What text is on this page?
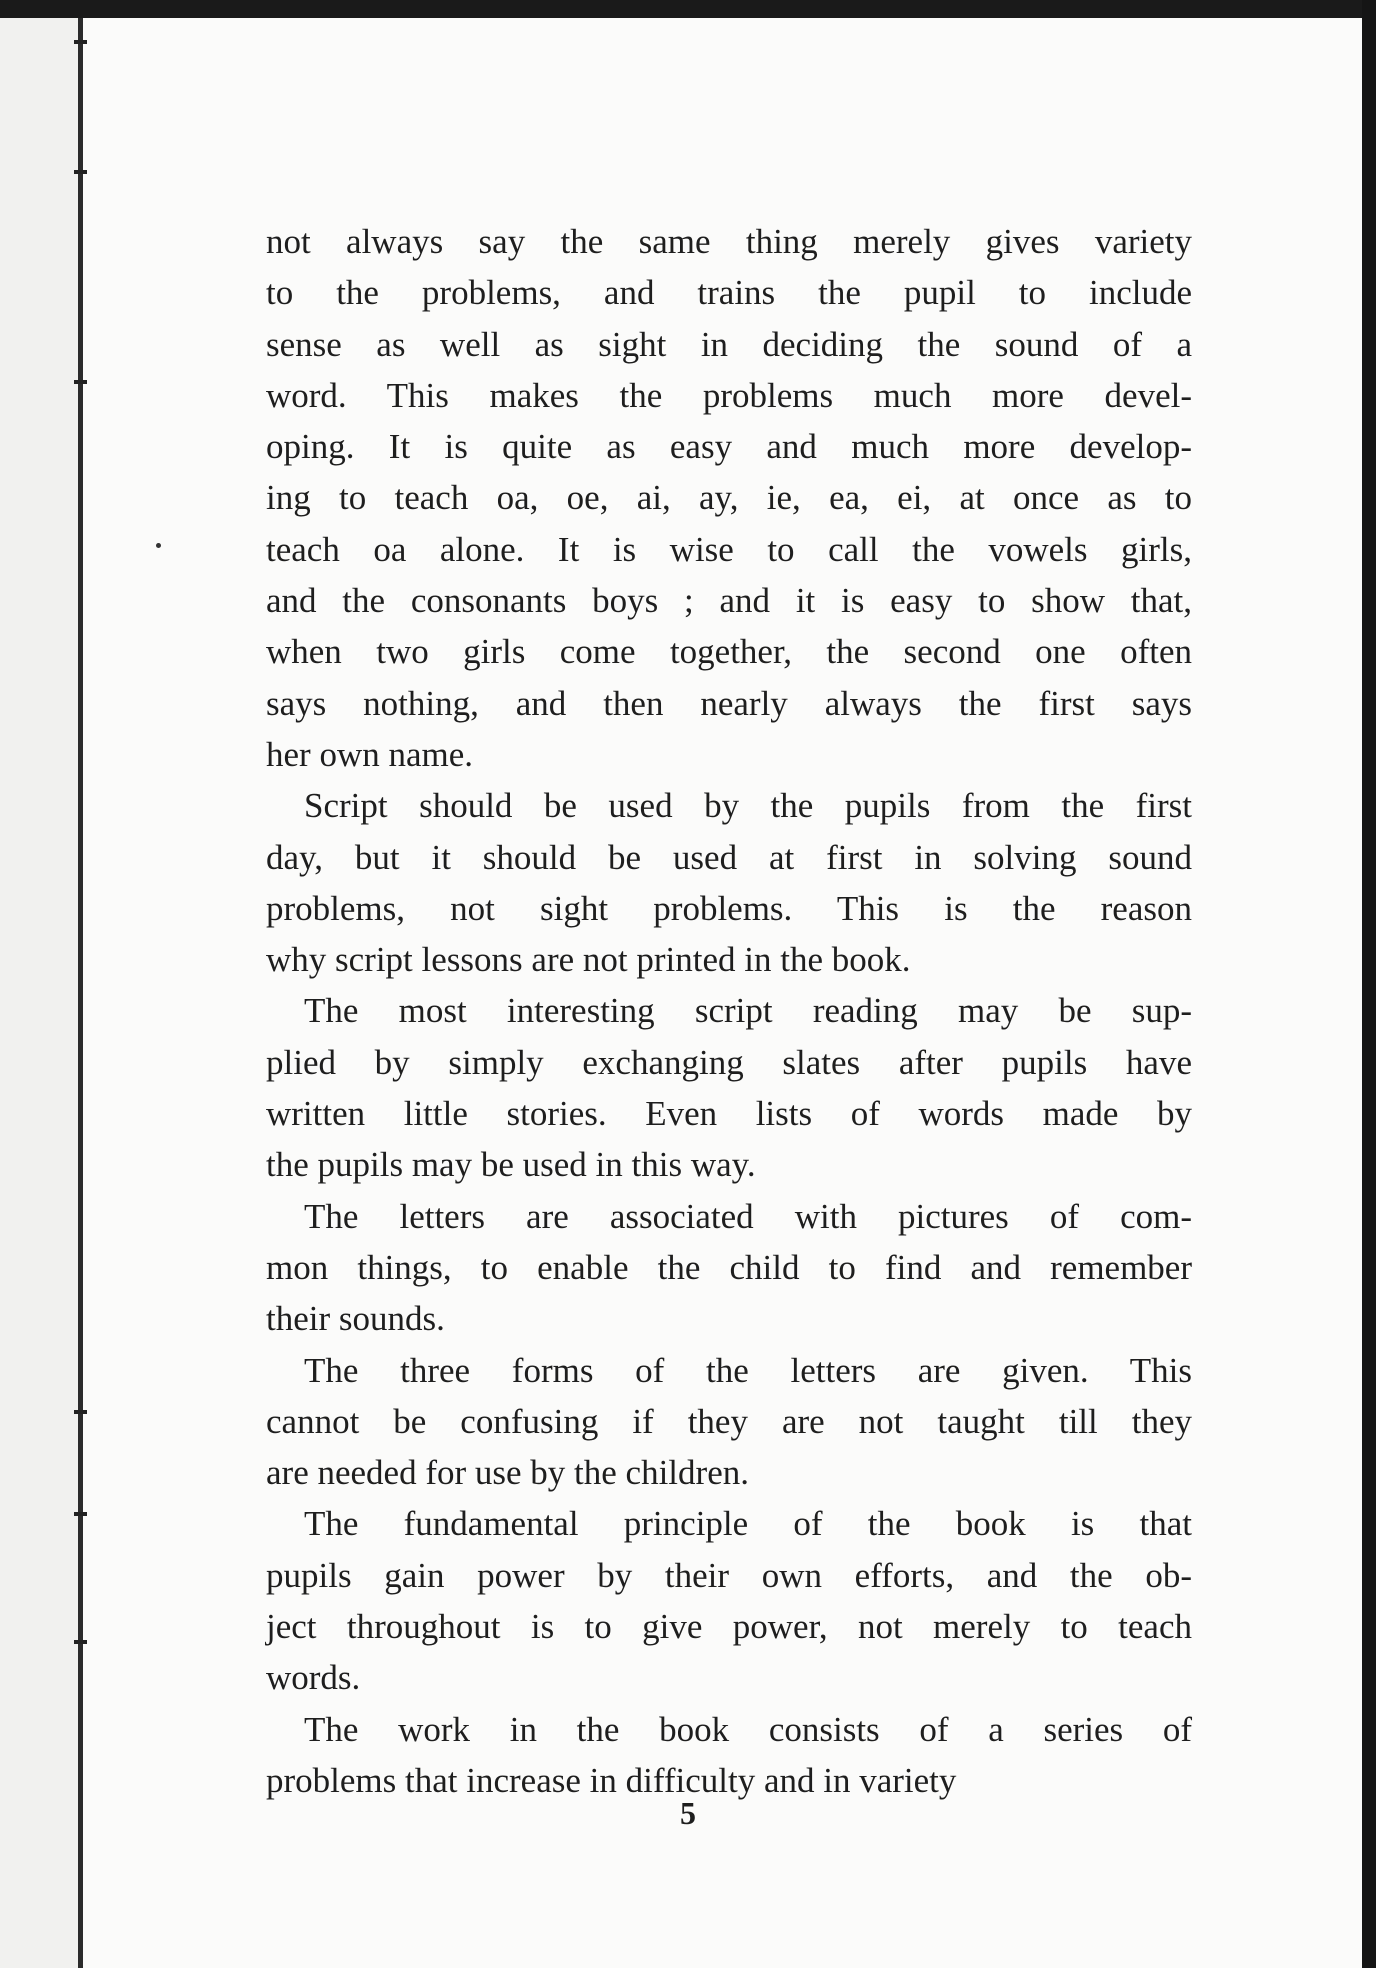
not always say the same thing merely gives variety
to the problems, and trains the pupil to include
sense as well as sight in deciding the sound of a
word. This makes the problems much more devel-
oping. It is quite as easy and much more develop-
ing to teach oa, oe, ai, ay, ie, ea, ei, at once as to
teach oa alone. It is wise to call the vowels girls,
and the consonants boys ; and it is easy to show that,
when two girls come together, the second one often
says nothing, and then nearly always the first says
her own name.
Script should be used by the pupils from the first
day, but it should be used at first in solving sound
problems, not sight problems. This is the reason
why script lessons are not printed in the book.
The most interesting script reading may be sup-
plied by simply exchanging slates after pupils have
written little stories. Even lists of words made by
the pupils may be used in this way.
The letters are associated with pictures of com-
mon things, to enable the child to find and remember
their sounds.
The three forms of the letters are given. This
cannot be confusing if they are not taught till they
are needed for use by the children.
The fundamental principle of the book is that
pupils gain power by their own efforts, and the ob-
ject throughout is to give power, not merely to teach
words.
The work in the book consists of a series of
problems that increase in difficulty and in variety
5
